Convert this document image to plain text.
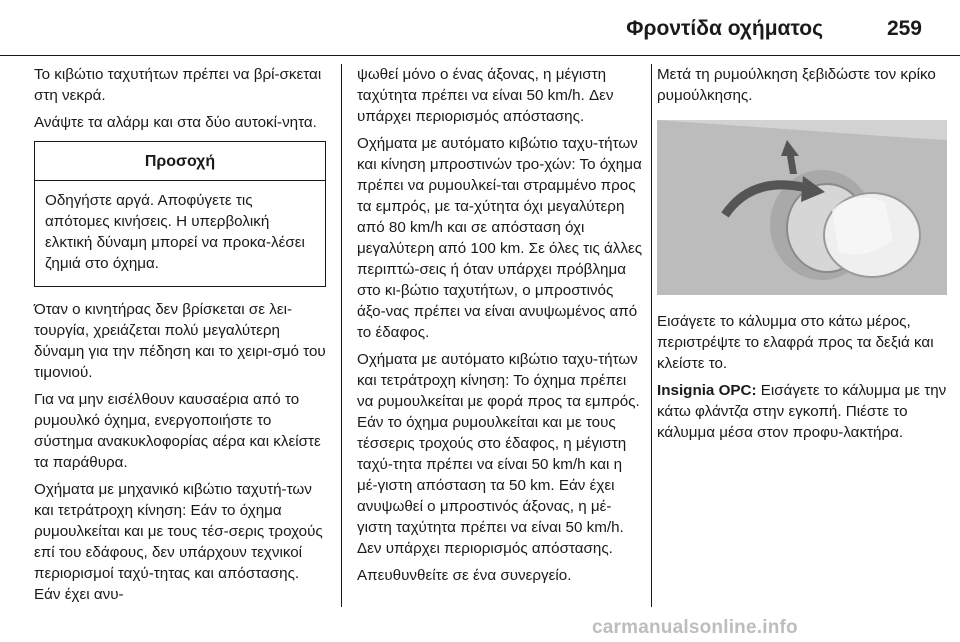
Φροντίδα οχήματος	259

Το κιβώτιο ταχυτήτων πρέπει να βρί-σκεται στη νεκρά.

Ανάψτε τα αλάρμ και στα δύο αυτοκί-νητα.

Προσοχή
Οδηγήστε αργά. Αποφύγετε τις απότομες κινήσεις. Η υπερβολική ελκτική δύναμη μπορεί να προκα-λέσει ζημιά στο όχημα.

Όταν ο κινητήρας δεν βρίσκεται σε λει-τουργία, χρειάζεται πολύ μεγαλύτερη δύναμη για την πέδηση και το χειρι-σμό του τιμονιού.

Για να μην εισέλθουν καυσαέρια από το ρυμουλκό όχημα, ενεργοποιήστε το σύστημα ανακυκλοφορίας αέρα και κλείστε τα παράθυρα.

Οχήματα με μηχανικό κιβώτιο ταχυτή-των και τετράτροχη κίνηση: Εάν το όχημα ρυμουλκείται και με τους τέσ-σερις τροχούς επί του εδάφους, δεν υπάρχουν τεχνικοί περιορισμοί ταχύ-τητας και απόστασης. Εάν έχει ανυ-

ψωθεί μόνο ο ένας άξονας, η μέγιστη ταχύτητα πρέπει να είναι 50 km/h. Δεν υπάρχει περιορισμός απόστασης.

Οχήματα με αυτόματο κιβώτιο ταχυ-τήτων και κίνηση μπροστινών τρο-χών: Το όχημα πρέπει να ρυμουλκεί-ται στραμμένο προς τα εμπρός, με τα-χύτητα όχι μεγαλύτερη από 80 km/h και σε απόσταση όχι μεγαλύτερη από 100 km. Σε όλες τις άλλες περιπτώ-σεις ή όταν υπάρχει πρόβλημα στο κι-βώτιο ταχυτήτων, ο μπροστινός άξο-νας πρέπει να είναι ανυψωμένος από το έδαφος.

Οχήματα με αυτόματο κιβώτιο ταχυ-τήτων και τετράτροχη κίνηση: Το όχημα πρέπει να ρυμουλκείται με φορά προς τα εμπρός. Εάν το όχημα ρυμουλκείται και με τους τέσσερις τροχούς στο έδαφος, η μέγιστη ταχύ-τητα πρέπει να είναι 50 km/h και η μέ-γιστη απόσταση τα 50 km. Εάν έχει ανυψωθεί ο μπροστινός άξονας, η μέ-γιστη ταχύτητα πρέπει να είναι 50 km/h. Δεν υπάρχει περιορισμός απόστασης.

Απευθυνθείτε σε ένα συνεργείο.

Μετά τη ρυμούλκηση ξεβιδώστε τον κρίκο ρυμούλκησης.

Εισάγετε το κάλυμμα στο κάτω μέρος, περιστρέψτε το ελαφρά προς τα δεξιά και κλείστε το.

Insignia OPC: Εισάγετε το κάλυμμα με την κάτω φλάντζα στην εγκοπή. Πιέστε το κάλυμμα μέσα στον προφυ-λακτήρα.

carmanualsonline.info
